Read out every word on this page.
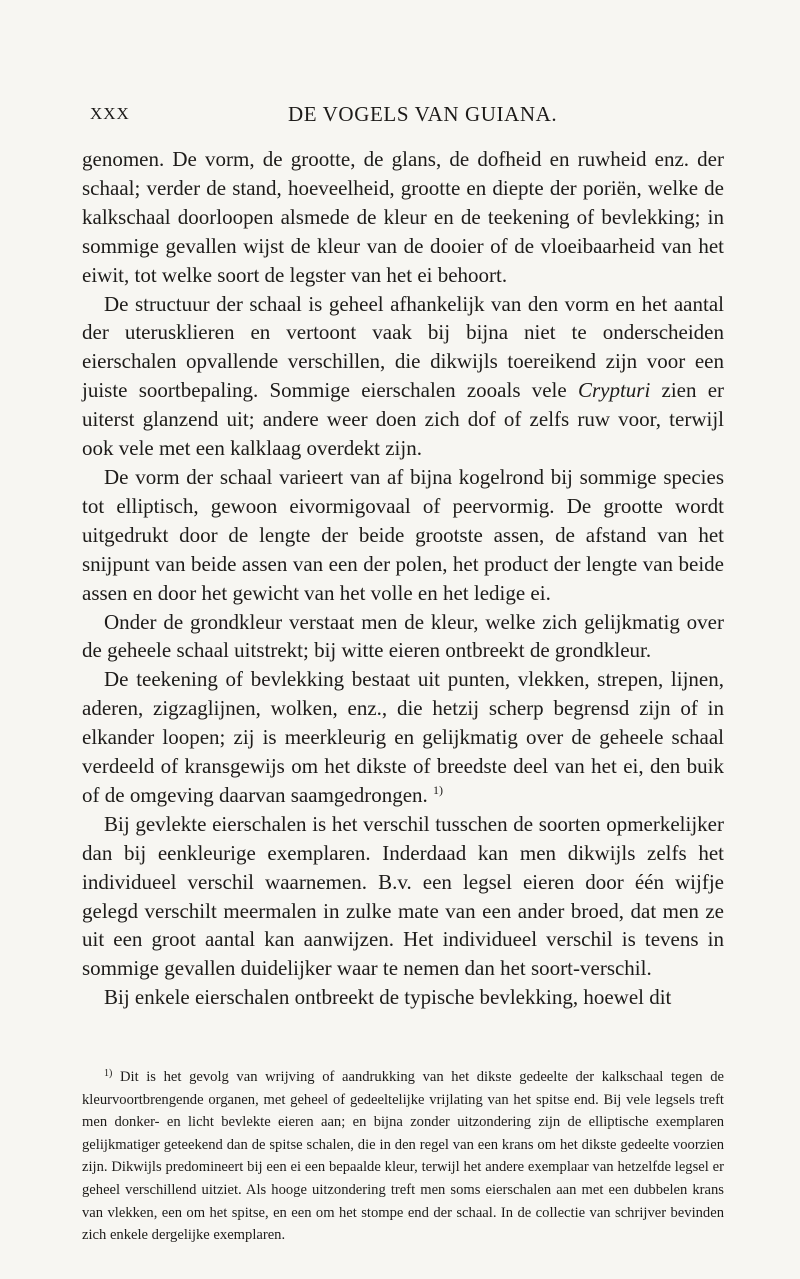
XXX	DE VOGELS VAN GUIANA.

genomen. De vorm, de grootte, de glans, de dofheid en ruwheid enz. der schaal; verder de stand, hoeveelheid, grootte en diepte der poriën, welke de kalkschaal doorloopen alsmede de kleur en de teekening of bevlekking; in sommige gevallen wijst de kleur van de dooier of de vloeibaarheid van het eiwit, tot welke soort de legster van het ei behoort.

De structuur der schaal is geheel afhankelijk van den vorm en het aantal der uterusklieren en vertoont vaak bij bijna niet te onderscheiden eierschalen opvallende verschillen, die dikwijls toereikend zijn voor een juiste soortbepaling. Sommige eierschalen zooals vele Crypturi zien er uiterst glanzend uit; andere weer doen zich dof of zelfs ruw voor, terwijl ook vele met een kalklaag overdekt zijn.

De vorm der schaal varieert van af bijna kogelrond bij sommige species tot elliptisch, gewoon eivormigovaal of peervormig. De grootte wordt uitgedrukt door de lengte der beide grootste assen, de afstand van het snijpunt van beide assen van een der polen, het product der lengte van beide assen en door het gewicht van het volle en het ledige ei.

Onder de grondkleur verstaat men de kleur, welke zich gelijkmatig over de geheele schaal uitstrekt; bij witte eieren ontbreekt de grondkleur.

De teekening of bevlekking bestaat uit punten, vlekken, strepen, lijnen, aderen, zigzaglijnen, wolken, enz., die hetzij scherp begrensd zijn of in elkander loopen; zij is meerkleurig en gelijkmatig over de geheele schaal verdeeld of kransgewijs om het dikste of breedste deel van het ei, den buik of de omgeving daarvan saamgedrongen. $^{1)}$

Bij gevlekte eierschalen is het verschil tusschen de soorten opmerkelijker dan bij eenkleurige exemplaren. Inderdaad kan men dikwijls zelfs het individueel verschil waarnemen. B.v. een legsel eieren door één wijfje gelegd verschilt meermalen in zulke mate van een ander broed, dat men ze uit een groot aantal kan aanwijzen. Het individueel verschil is tevens in sommige gevallen duidelijker waar te nemen dan het soort-verschil.

Bij enkele eierschalen ontbreekt de typische bevlekking, hoewel dit

$^{1)}$ Dit is het gevolg van wrijving of aandrukking van het dikste gedeelte der kalkschaal tegen de kleurvoortbrengende organen, met geheel of gedeeltelijke vrijlating van het spitse end. Bij vele legsels treft men donker- en licht bevlekte eieren aan; en bijna zonder uitzondering zijn de elliptische exemplaren gelijkmatiger geteekend dan de spitse schalen, die in den regel van een krans om het dikste gedeelte voorzien zijn. Dikwijls predomineert bij een ei een bepaalde kleur, terwijl het andere exemplaar van hetzelfde legsel er geheel verschillend uitziet. Als hooge uitzondering treft men soms eierschalen aan met een dubbelen krans van vlekken, een om het spitse, en een om het stompe end der schaal. In de collectie van schrijver bevinden zich enkele dergelijke exemplaren.
